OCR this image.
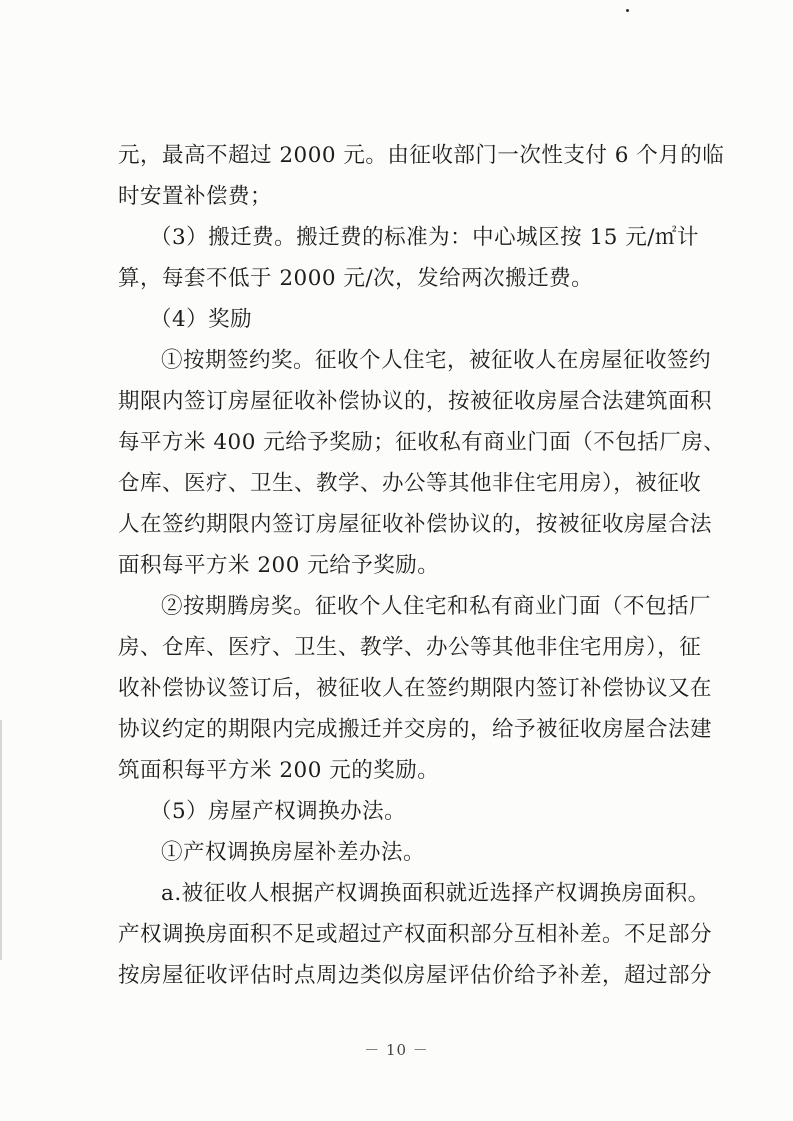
元，最高不超过 2000 元。由征收部门一次性支付 6 个月的临
时安置补偿费；
（3）搬迁费。搬迁费的标准为：中心城区按 15 元/㎡计
算，每套不低于 2000 元/次，发给两次搬迁费。
（4）奖励
①按期签约奖。征收个人住宅，被征收人在房屋征收签约
期限内签订房屋征收补偿协议的，按被征收房屋合法建筑面积
每平方米 400 元给予奖励；征收私有商业门面（不包括厂房、
仓库、医疗、卫生、教学、办公等其他非住宅用房），被征收
人在签约期限内签订房屋征收补偿协议的，按被征收房屋合法
面积每平方米 200 元给予奖励。
②按期腾房奖。征收个人住宅和私有商业门面（不包括厂
房、仓库、医疗、卫生、教学、办公等其他非住宅用房），征
收补偿协议签订后，被征收人在签约期限内签订补偿协议又在
协议约定的期限内完成搬迁并交房的，给予被征收房屋合法建
筑面积每平方米 200 元的奖励。
（5）房屋产权调换办法。
①产权调换房屋补差办法。
a.被征收人根据产权调换面积就近选择产权调换房面积。
产权调换房面积不足或超过产权面积部分互相补差。不足部分
按房屋征收评估时点周边类似房屋评估价给予补差，超过部分
－ 10 －
